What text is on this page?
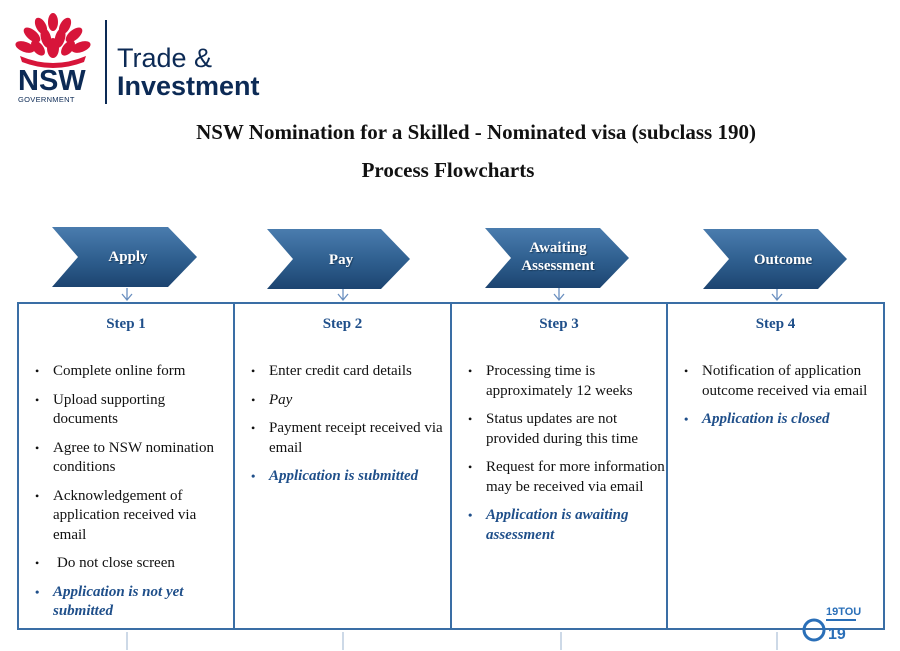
NSW
GOVERNMENT
Trade &
Investment
NSW Nomination for a Skilled - Nominated visa (subclass 190)
Process Flowcharts
Apply	Pay
Awaiting Assessment	Outcome
Step 1
• Complete online form
• Upload supporting documents
• Agree to NSW nomination conditions
• Acknowledgement of application received via email
• Do not close screen
• Application is not yet submitted
Step 2
• Enter credit card details
• Pay
• Payment receipt received via email
• Application is submitted
Step 3
• Processing time is approximately 12 weeks
• Status updates are not provided during this time
• Request for more information may be received via email
• Application is awaiting assessment
Step 4
• Notification of application outcome received via email
• Application is closed
19
19TOU
